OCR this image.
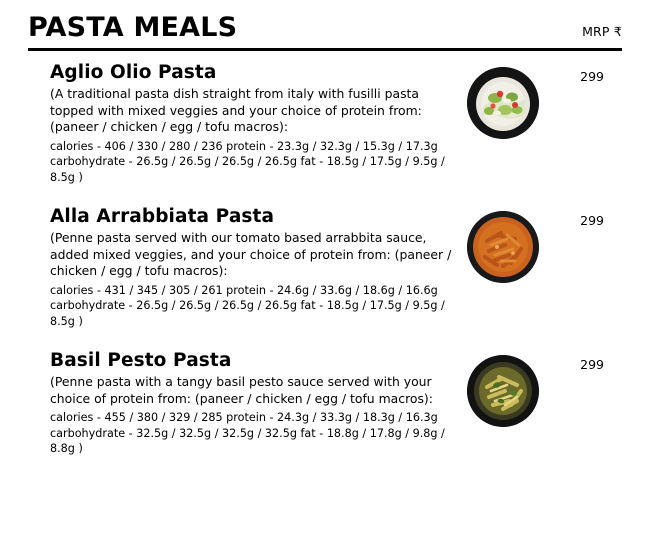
PASTA MEALS	MRP ₹
Aglio Olio Pasta

(A traditional pasta dish straight from italy with fusilli pasta topped with mixed veggies and your choice of protein from: (paneer / chicken / egg / tofu macros):

calories - 406 / 330 / 280 / 236 protein - 23.3g / 32.3g / 15.3g / 17.3g

carbohydrate - 26.5g / 26.5g / 26.5g / 26.5g fat - 18.5g / 17.5g / 9.5g / 8.5g )

299
Alla Arrabbiata Pasta

(Penne pasta served with our tomato based arrabbita sauce, added mixed veggies, and your choice of protein from: (paneer / chicken / egg / tofu macros):

calories - 431 / 345 / 305 / 261 protein - 24.6g / 33.6g / 18.6g / 16.6g

carbohydrate - 26.5g / 26.5g / 26.5g / 26.5g fat - 18.5g / 17.5g / 9.5g / 8.5g )

299
Basil Pesto Pasta

(Penne pasta with a tangy basil pesto sauce served with your choice of protein from: (paneer / chicken / egg / tofu macros):

calories - 455 / 380 / 329 / 285 protein - 24.3g / 33.3g / 18.3g / 16.3g

carbohydrate - 32.5g / 32.5g / 32.5g / 32.5g fat - 18.8g / 17.8g / 9.8g / 8.8g )

299
